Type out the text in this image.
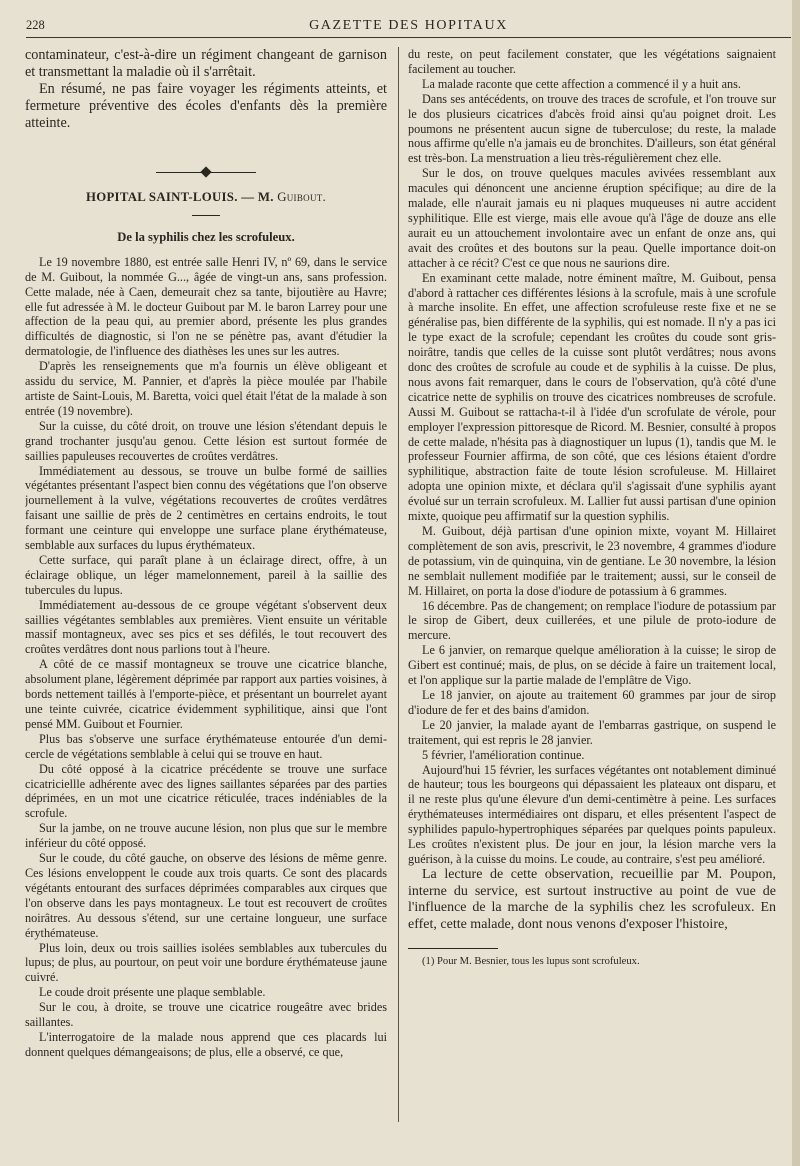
228	GAZETTE DES HOPITAUX

contaminateur, c'est-à-dire un régiment changeant de garnison et transmettant la maladie où il s'arrêtait.

En résumé, ne pas faire voyager les régiments atteints, et fermeture préventive des écoles d'enfants dès la première atteinte.

HOPITAL SAINT-LOUIS. — M. Guibout.
De la syphilis chez les scrofuleux.

Le 19 novembre 1880, est entrée salle Henri IV, nº 69, dans le service de M. Guibout, la nommée G..., âgée de vingt-un ans, sans profession. Cette malade, née à Caen, demeurait chez sa tante, bijoutière au Havre; elle fut adressée à M. le docteur Guibout par M. le baron Larrey pour une affection de la peau qui, au premier abord, présente les plus grandes difficultés de diagnostic, si l'on ne se pénètre pas, avant d'étudier la dermatologie, de l'influence des diathèses les unes sur les autres.

D'après les renseignements que m'a fournis un élève obligeant et assidu du service, M. Pannier, et d'après la pièce moulée par l'habile artiste de Saint-Louis, M. Baretta, voici quel était l'état de la malade à son entrée (19 novembre).

Sur la cuisse, du côté droit, on trouve une lésion s'étendant depuis le grand trochanter jusqu'au genou. Cette lésion est surtout formée de saillies papuleuses recouvertes de croûtes verdâtres.

Immédiatement au dessous, se trouve un bulbe formé de saillies végétantes présentant l'aspect bien connu des végétations que l'on observe journellement à la vulve, végétations recouvertes de croûtes verdâtres faisant une saillie de près de 2 centimètres en certains endroits, le tout formant une ceinture qui enveloppe une surface plane érythémateuse, semblable aux surfaces du lupus érythémateux.

Cette surface, qui paraît plane à un éclairage direct, offre, à un éclairage oblique, un léger mamelonnement, pareil à la saillie des tubercules du lupus.

Immédiatement au-dessous de ce groupe végétant s'observent deux saillies végétantes semblables aux premières. Vient ensuite un véritable massif montagneux, avec ses pics et ses défilés, le tout recouvert des croûtes verdâtres dont nous parlions tout à l'heure.

A côté de ce massif montagneux se trouve une cicatrice blanche, absolument plane, légèrement déprimée par rapport aux parties voisines, à bords nettement taillés à l'emporte-pièce, et présentant un bourrelet ayant une teinte cuivrée, cicatrice évidemment syphilitique, ainsi que l'ont pensé MM. Guibout et Fournier.

Plus bas s'observe une surface érythémateuse entourée d'un demi-cercle de végétations semblable à celui qui se trouve en haut.

Du côté opposé à la cicatrice précédente se trouve une surface cicatriciellle adhérente avec des lignes saillantes séparées par des parties déprimées, en un mot une cicatrice réticulée, traces indéniables de la scrofule.

Sur la jambe, on ne trouve aucune lésion, non plus que sur le membre inférieur du côté opposé.

Sur le coude, du côté gauche, on observe des lésions de même genre. Ces lésions enveloppent le coude aux trois quarts. Ce sont des placards végétants entourant des surfaces déprimées comparables aux cirques que l'on observe dans les pays montagneux. Le tout est recouvert de croûtes noirâtres. Au dessous s'étend, sur une certaine longueur, une surface érythémateuse.

Plus loin, deux ou trois saillies isolées semblables aux tubercules du lupus; de plus, au pourtour, on peut voir une bordure érythémateuse jaune cuivré.

Le coude droit présente une plaque semblable.

Sur le cou, à droite, se trouve une cicatrice rougeâtre avec brides saillantes.

L'interrogatoire de la malade nous apprend que ces placards lui donnent quelques démangeaisons; de plus, elle a observé, ce que,

du reste, on peut facilement constater, que les végétations saignaient facilement au toucher.

La malade raconte que cette affection a commencé il y a huit ans.

Dans ses antécédents, on trouve des traces de scrofule, et l'on trouve sur le dos plusieurs cicatrices d'abcès froid ainsi qu'au poignet droit. Les poumons ne présentent aucun signe de tuberculose; du reste, la malade nous affirme qu'elle n'a jamais eu de bronchites. D'ailleurs, son état général est très-bon. La menstruation a lieu très-régulièrement chez elle.

Sur le dos, on trouve quelques macules avivées ressemblant aux macules qui dénoncent une ancienne éruption spécifique; au dire de la malade, elle n'aurait jamais eu ni plaques muqueuses ni autre accident syphilitique. Elle est vierge, mais elle avoue qu'à l'âge de douze ans elle aurait eu un attouchement involontaire avec un enfant de onze ans, qui avait des croûtes et des boutons sur la peau. Quelle importance doit-on attacher à ce récit? C'est ce que nous ne saurions dire.

En examinant cette malade, notre éminent maître, M. Guibout, pensa d'abord à rattacher ces différentes lésions à la scrofule, mais à une scrofule à marche insolite. En effet, une affection scrofuleuse reste fixe et ne se généralise pas, bien différente de la syphilis, qui est nomade. Il n'y a pas ici le type exact de la scrofule; cependant les croûtes du coude sont gris-noirâtre, tandis que celles de la cuisse sont plutôt verdâtres; nous avons donc des croûtes de scrofule au coude et de syphilis à la cuisse. De plus, nous avons fait remarquer, dans le cours de l'observation, qu'à côté d'une cicatrice nette de syphilis on trouve des cicatrices nombreuses de scrofule. Aussi M. Guibout se rattacha-t-il à l'idée d'un scrofulate de vérole, pour employer l'expression pittoresque de Ricord. M. Besnier, consulté à propos de cette malade, n'hésita pas à diagnostiquer un lupus (1), tandis que M. le professeur Fournier affirma, de son côté, que ces lésions étaient d'ordre syphilitique, abstraction faite de toute lésion scrofuleuse. M. Hillairet adopta une opinion mixte, et déclara qu'il s'agissait d'une syphilis ayant évolué sur un terrain scrofuleux. M. Lallier fut aussi partisan d'une opinion mixte, quoique peu affirmatif sur la question syphilis.

M. Guibout, déjà partisan d'une opinion mixte, voyant M. Hillairet complètement de son avis, prescrivit, le 23 novembre, 4 grammes d'iodure de potassium, vin de quinquina, vin de gentiane. Le 30 novembre, la lésion ne semblait nullement modifiée par le traitement; aussi, sur le conseil de M. Hillairet, on porta la dose d'iodure de potassium à 6 grammes.

16 décembre. Pas de changement; on remplace l'iodure de potassium par le sirop de Gibert, deux cuillerées, et une pilule de proto-iodure de mercure.

Le 6 janvier, on remarque quelque amélioration à la cuisse; le sirop de Gibert est continué; mais, de plus, on se décide à faire un traitement local, et l'on applique sur la partie malade de l'emplâtre de Vigo.

Le 18 janvier, on ajoute au traitement 60 grammes par jour de sirop d'iodure de fer et des bains d'amidon.

Le 20 janvier, la malade ayant de l'embarras gastrique, on suspend le traitement, qui est repris le 28 janvier.

5 février, l'amélioration continue.

Aujourd'hui 15 février, les surfaces végétantes ont notablement diminué de hauteur; tous les bourgeons qui dépassaient les plateaux ont disparu, et il ne reste plus qu'une élevure d'un demi-centimètre à peine. Les surfaces érythémateuses intermédiaires ont disparu, et elles présentent l'aspect de syphilides papulo-hypertrophiques séparées par quelques points papuleux. Les croûtes n'existent plus. De jour en jour, la lésion marche vers la guérison, à la cuisse du moins. Le coude, au contraire, s'est peu amélioré.

La lecture de cette observation, recueillie par M. Poupon, interne du service, est surtout instructive au point de vue de l'influence de la marche de la syphilis chez les scrofuleux. En effet, cette malade, dont nous venons d'exposer l'histoire,

(1) Pour M. Besnier, tous les lupus sont scrofuleux.
